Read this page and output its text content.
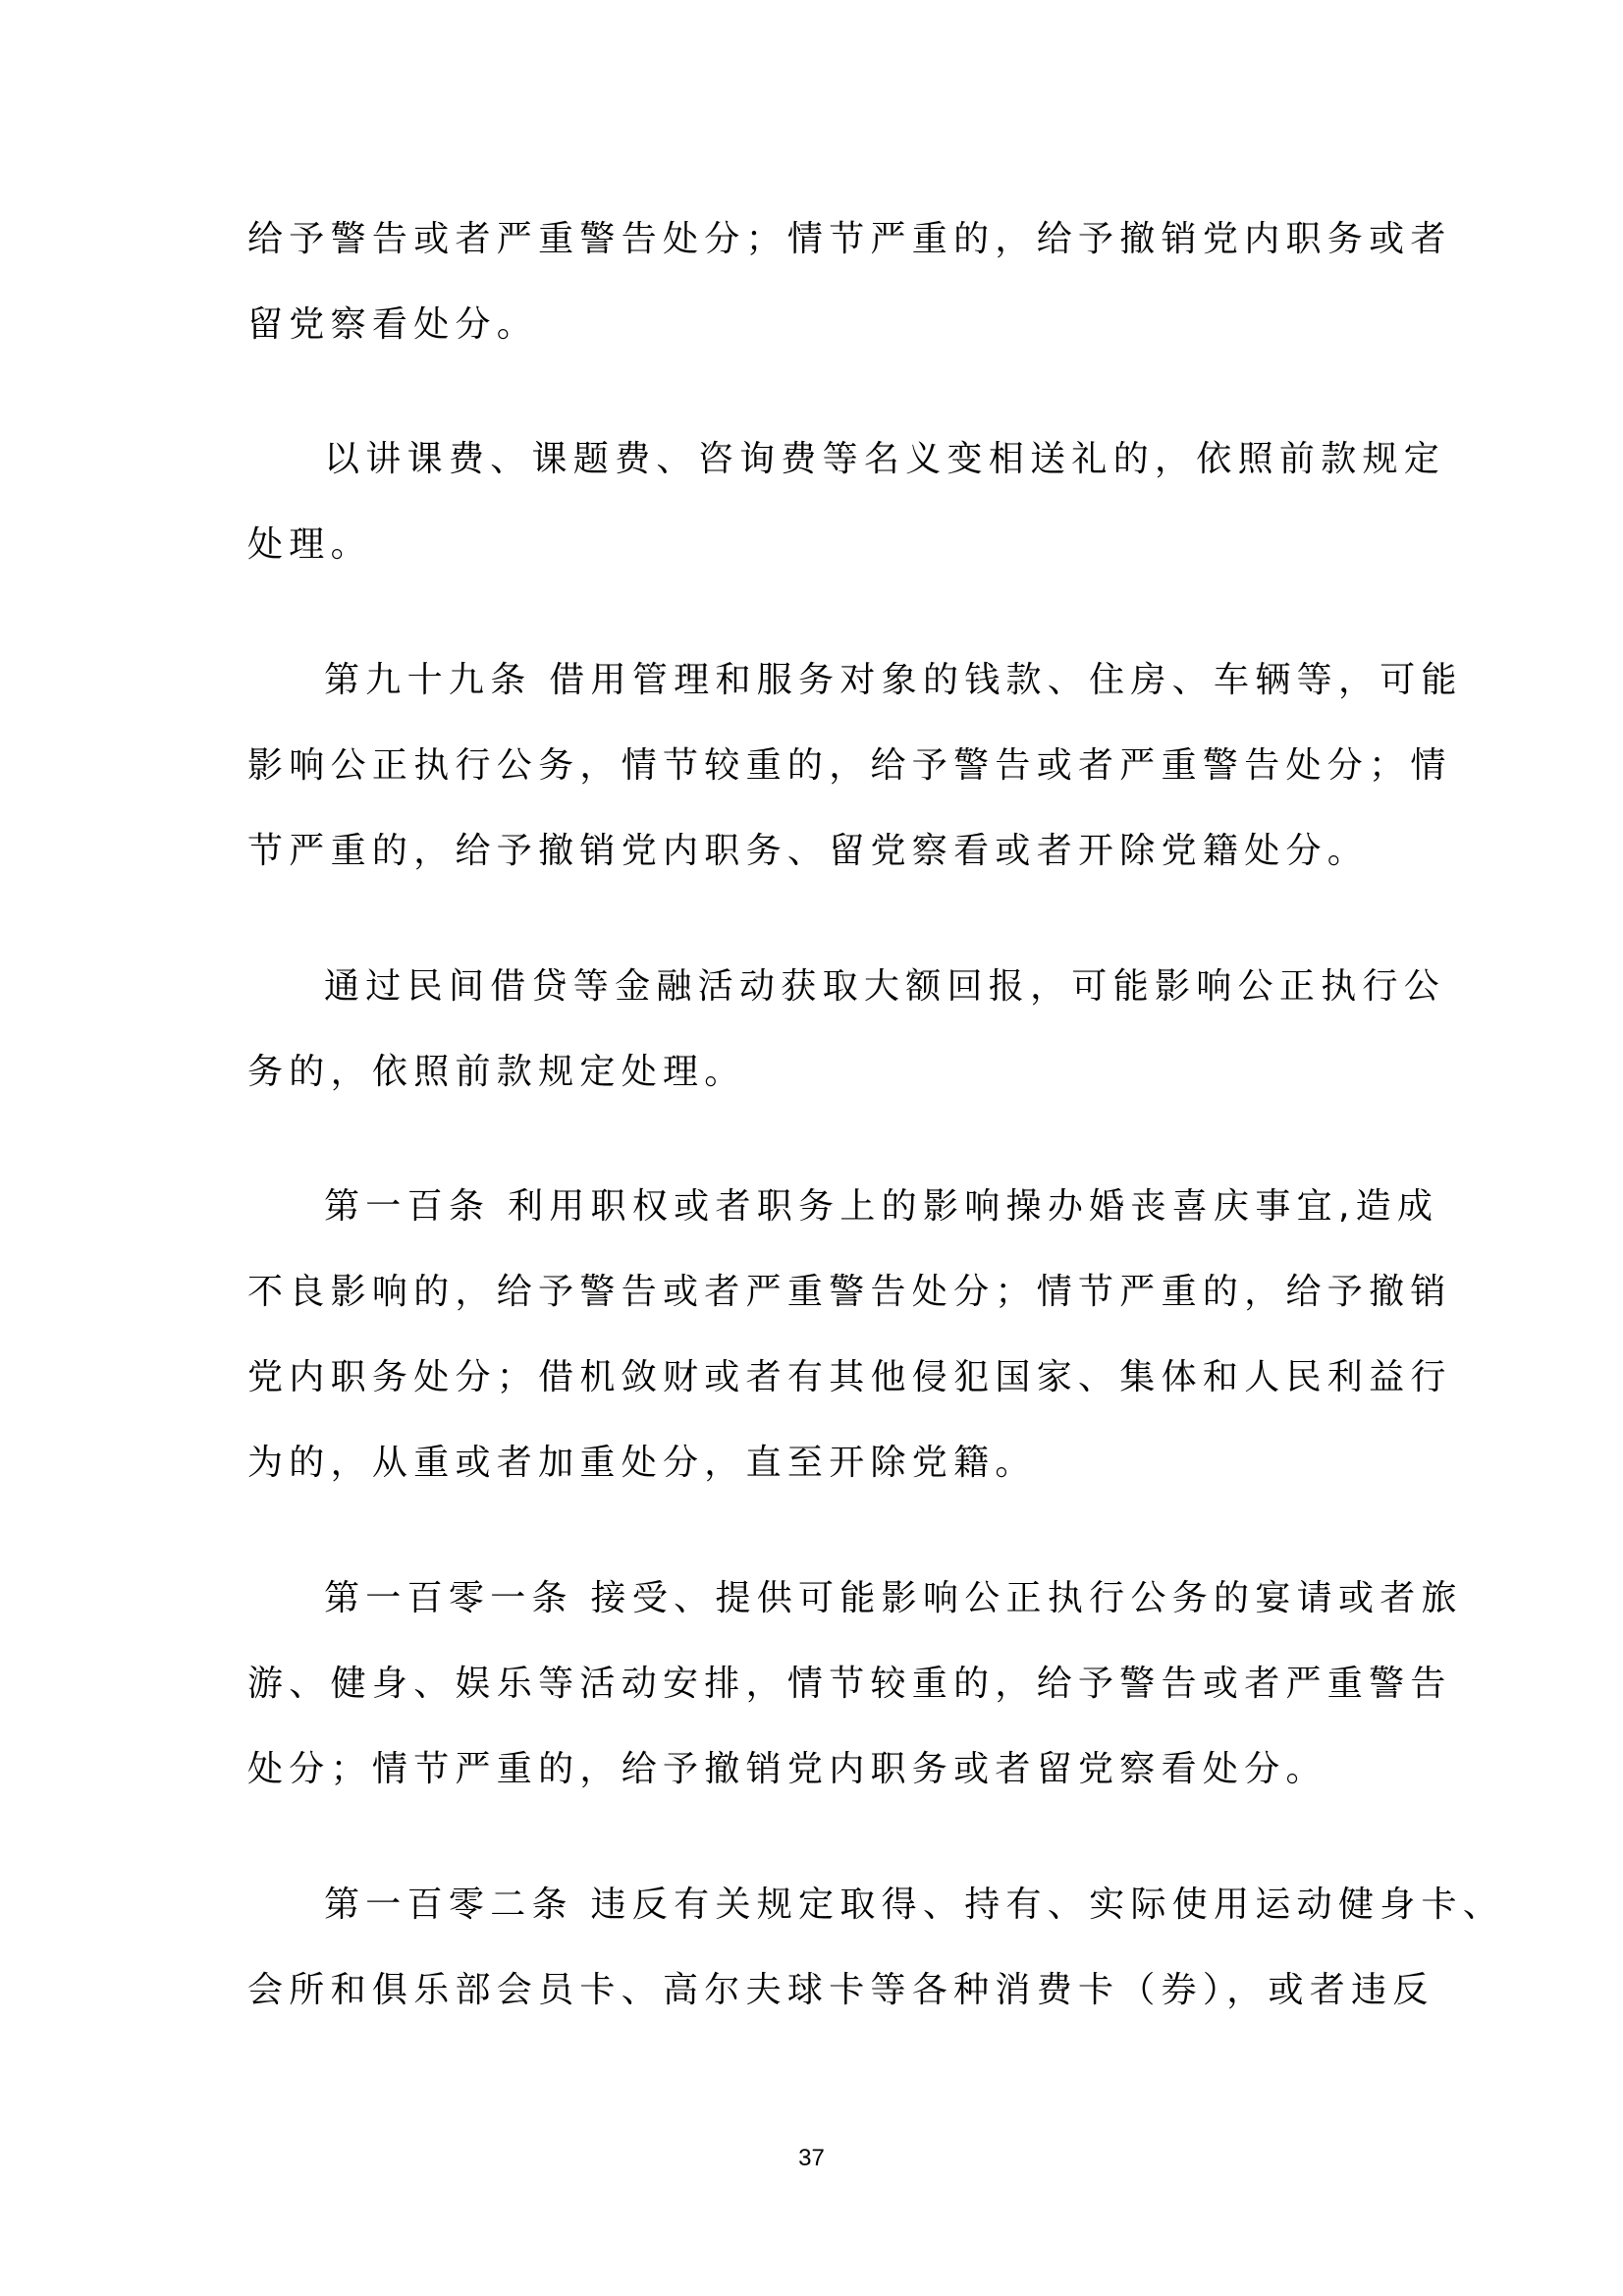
给予警告或者严重警告处分；情节严重的，给予撤销党内职务或者
留党察看处分。
以讲课费、课题费、咨询费等名义变相送礼的，依照前款规定
处理。
第九十九条 借用管理和服务对象的钱款、住房、车辆等，可能
影响公正执行公务，情节较重的，给予警告或者严重警告处分；情
节严重的，给予撤销党内职务、留党察看或者开除党籍处分。
通过民间借贷等金融活动获取大额回报，可能影响公正执行公
务的，依照前款规定处理。
第一百条 利用职权或者职务上的影响操办婚丧喜庆事宜,造成
不良影响的，给予警告或者严重警告处分；情节严重的，给予撤销
党内职务处分；借机敛财或者有其他侵犯国家、集体和人民利益行
为的，从重或者加重处分，直至开除党籍。
第一百零一条 接受、提供可能影响公正执行公务的宴请或者旅
游、健身、娱乐等活动安排，情节较重的，给予警告或者严重警告
处分；情节严重的，给予撤销党内职务或者留党察看处分。
第一百零二条 违反有关规定取得、持有、实际使用运动健身卡、
会所和俱乐部会员卡、高尔夫球卡等各种消费卡（券），或者违反
37
